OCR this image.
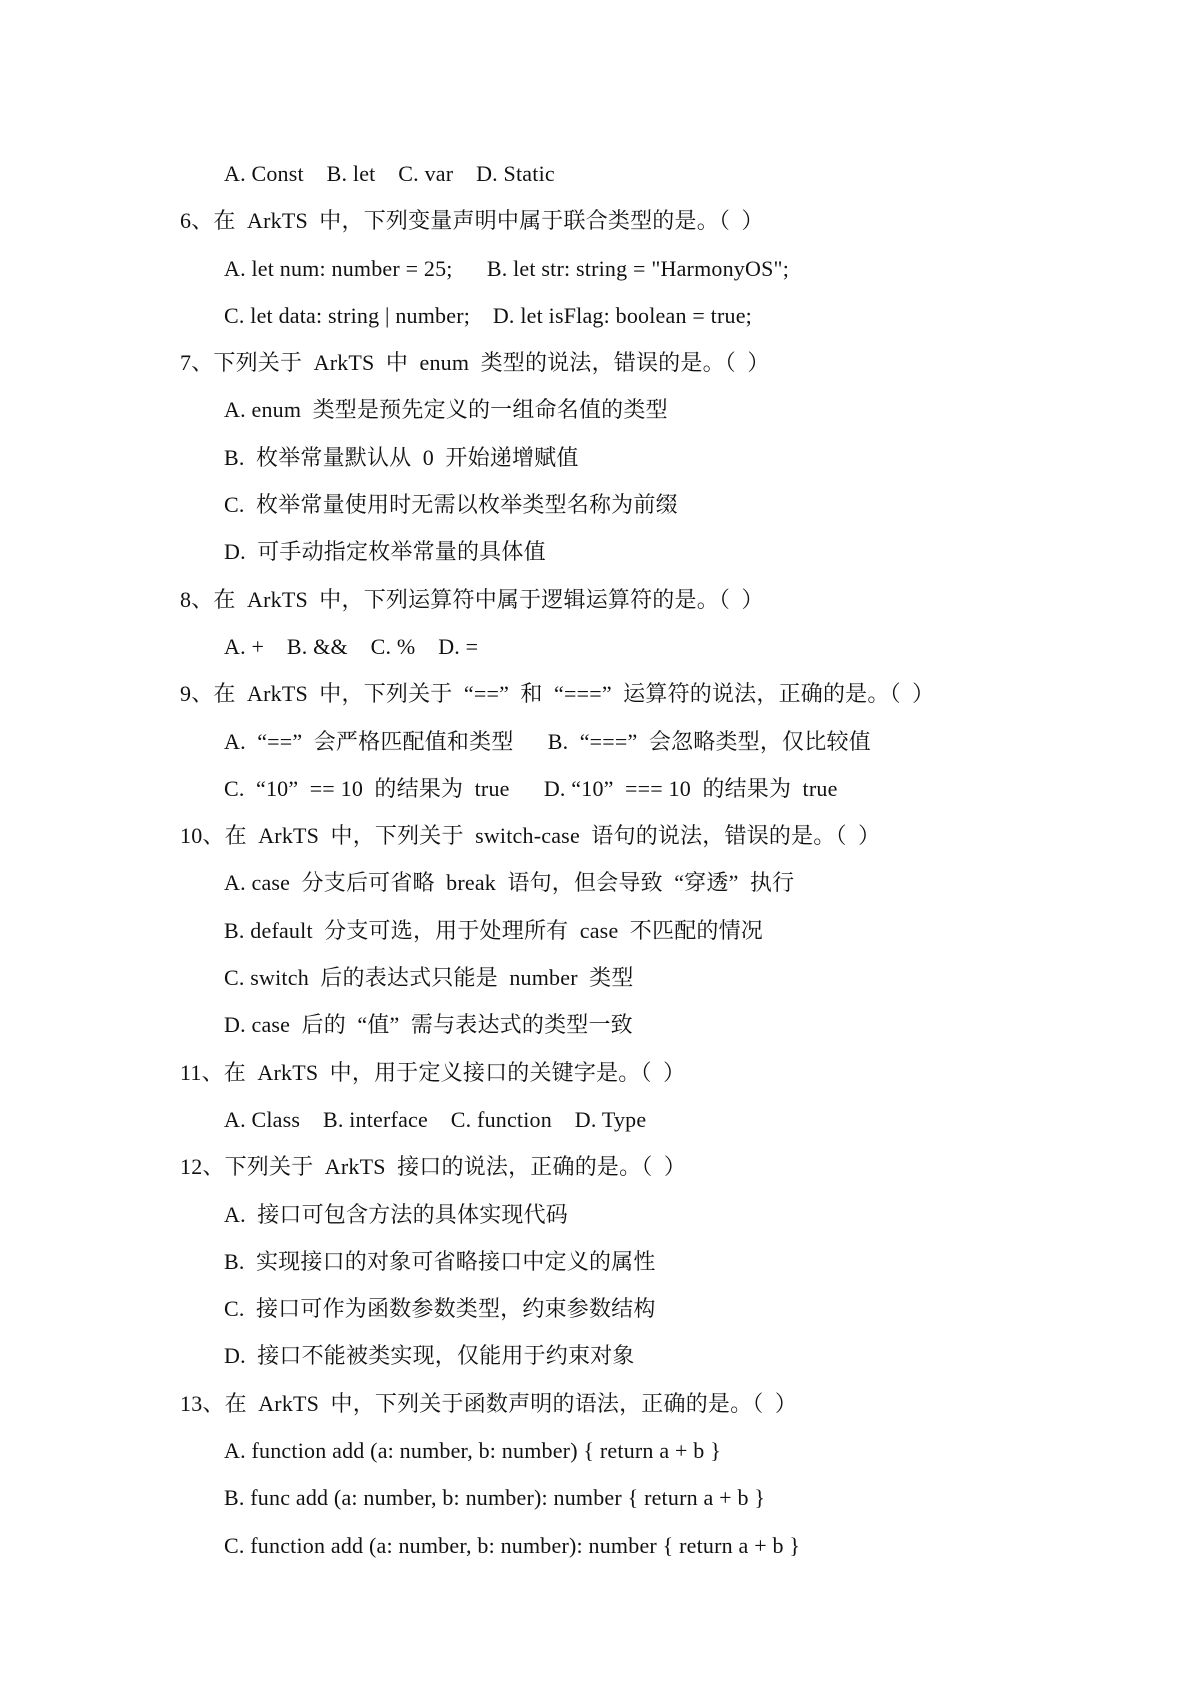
A. Const    B. let    C. var    D. Static
6、在  ArkTS  中，下列变量声明中属于联合类型的是。（  ）
A. let num: number = 25;      B. let str: string = "HarmonyOS";
C. let data: string | number;    D. let isFlag: boolean = true;
7、下列关于  ArkTS  中  enum  类型的说法，错误的是。（  ）
A. enum  类型是预先定义的一组命名值的类型
B.  枚举常量默认从  0  开始递增赋值
C.  枚举常量使用时无需以枚举类型名称为前缀
D.  可手动指定枚举常量的具体值
8、在  ArkTS  中，下列运算符中属于逻辑运算符的是。（  ）
A. +    B. &&    C. %    D. =
9、在  ArkTS  中，下列关于  “==”  和  “===”  运算符的说法，正确的是。（  ）
A.  “==”  会严格匹配值和类型      B.  “===”  会忽略类型，仅比较值
C.  “10”  == 10  的结果为  true      D. “10”  === 10  的结果为  true
10、在  ArkTS  中，下列关于  switch-case  语句的说法，错误的是。（  ）
A. case  分支后可省略  break  语句，但会导致  “穿透”  执行
B. default  分支可选，用于处理所有  case  不匹配的情况
C. switch  后的表达式只能是  number  类型
D. case  后的  “值”  需与表达式的类型一致
11、在  ArkTS  中，用于定义接口的关键字是。（  ）
A. Class    B. interface    C. function    D. Type
12、下列关于  ArkTS  接口的说法，正确的是。（  ）
A.  接口可包含方法的具体实现代码
B.  实现接口的对象可省略接口中定义的属性
C.  接口可作为函数参数类型，约束参数结构
D.  接口不能被类实现，仅能用于约束对象
13、在  ArkTS  中，下列关于函数声明的语法，正确的是。（  ）
A. function add (a: number, b: number) { return a + b }
B. func add (a: number, b: number): number { return a + b }
C. function add (a: number, b: number): number { return a + b }
